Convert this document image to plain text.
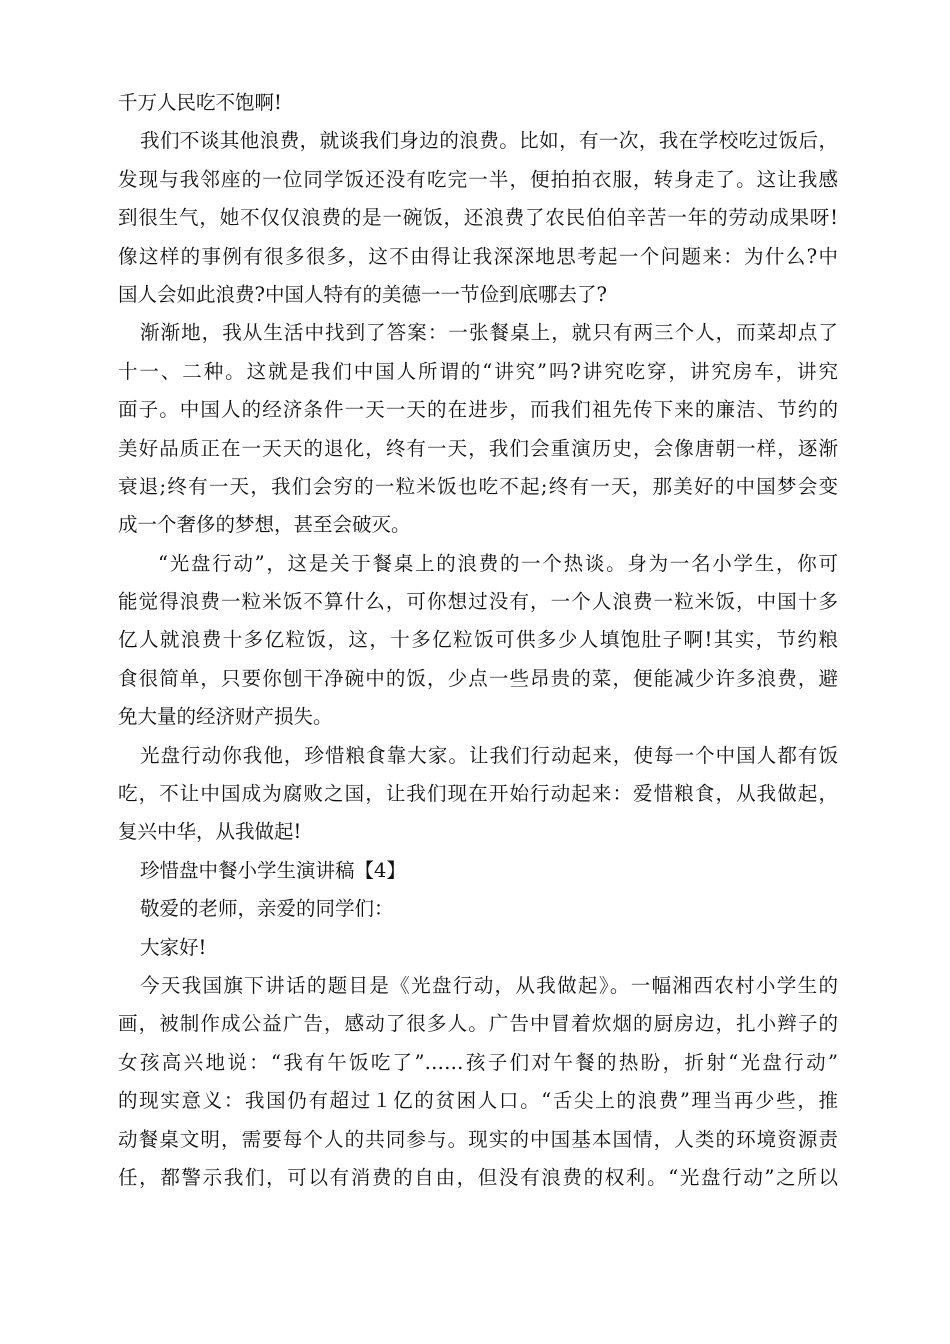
千万人民吃不饱啊!
我们不谈其他浪费，就谈我们身边的浪费。比如，有一次，我在学校吃过饭后，
发现与我邻座的一位同学饭还没有吃完一半，便拍拍衣服，转身走了。这让我感
到很生气，她不仅仅浪费的是一碗饭，还浪费了农民伯伯辛苦一年的劳动成果呀!
像这样的事例有很多很多，这不由得让我深深地思考起一个问题来：为什么?中
国人会如此浪费?中国人特有的美德一一节俭到底哪去了?
渐渐地，我从生活中找到了答案：一张餐桌上，就只有两三个人，而菜却点了
十一、二种。这就是我们中国人所谓的“讲究”吗?讲究吃穿，讲究房车，讲究
面子。中国人的经济条件一天一天的在进步，而我们祖先传下来的廉洁、节约的
美好品质正在一天天的退化，终有一天，我们会重演历史，会像唐朝一样，逐渐
衰退;终有一天，我们会穷的一粒米饭也吃不起;终有一天，那美好的中国梦会变
成一个奢侈的梦想，甚至会破灭。
“光盘行动”，这是关于餐桌上的浪费的一个热谈。身为一名小学生，你可
能觉得浪费一粒米饭不算什么，可你想过没有，一个人浪费一粒米饭，中国十多
亿人就浪费十多亿粒饭，这，十多亿粒饭可供多少人填饱肚子啊!其实，节约粮
食很简单，只要你刨干净碗中的饭，少点一些昂贵的菜，便能减少许多浪费，避
免大量的经济财产损失。
光盘行动你我他，珍惜粮食靠大家。让我们行动起来，使每一个中国人都有饭
吃，不让中国成为腐败之国，让我们现在开始行动起来：爱惜粮食，从我做起，
复兴中华，从我做起!
珍惜盘中餐小学生演讲稿【4】
敬爱的老师，亲爱的同学们：
大家好!
今天我国旗下讲话的题目是《光盘行动，从我做起》。一幅湘西农村小学生的
画，被制作成公益广告，感动了很多人。广告中冒着炊烟的厨房边，扎小辫子的
女孩高兴地说：“我有午饭吃了”……孩子们对午餐的热盼，折射“光盘行动”
的现实意义：我国仍有超过１亿的贫困人口。“舌尖上的浪费”理当再少些，推
动餐桌文明，需要每个人的共同参与。现实的中国基本国情，人类的环境资源责
任，都警示我们，可以有消费的自由，但没有浪费的权利。“光盘行动”之所以
